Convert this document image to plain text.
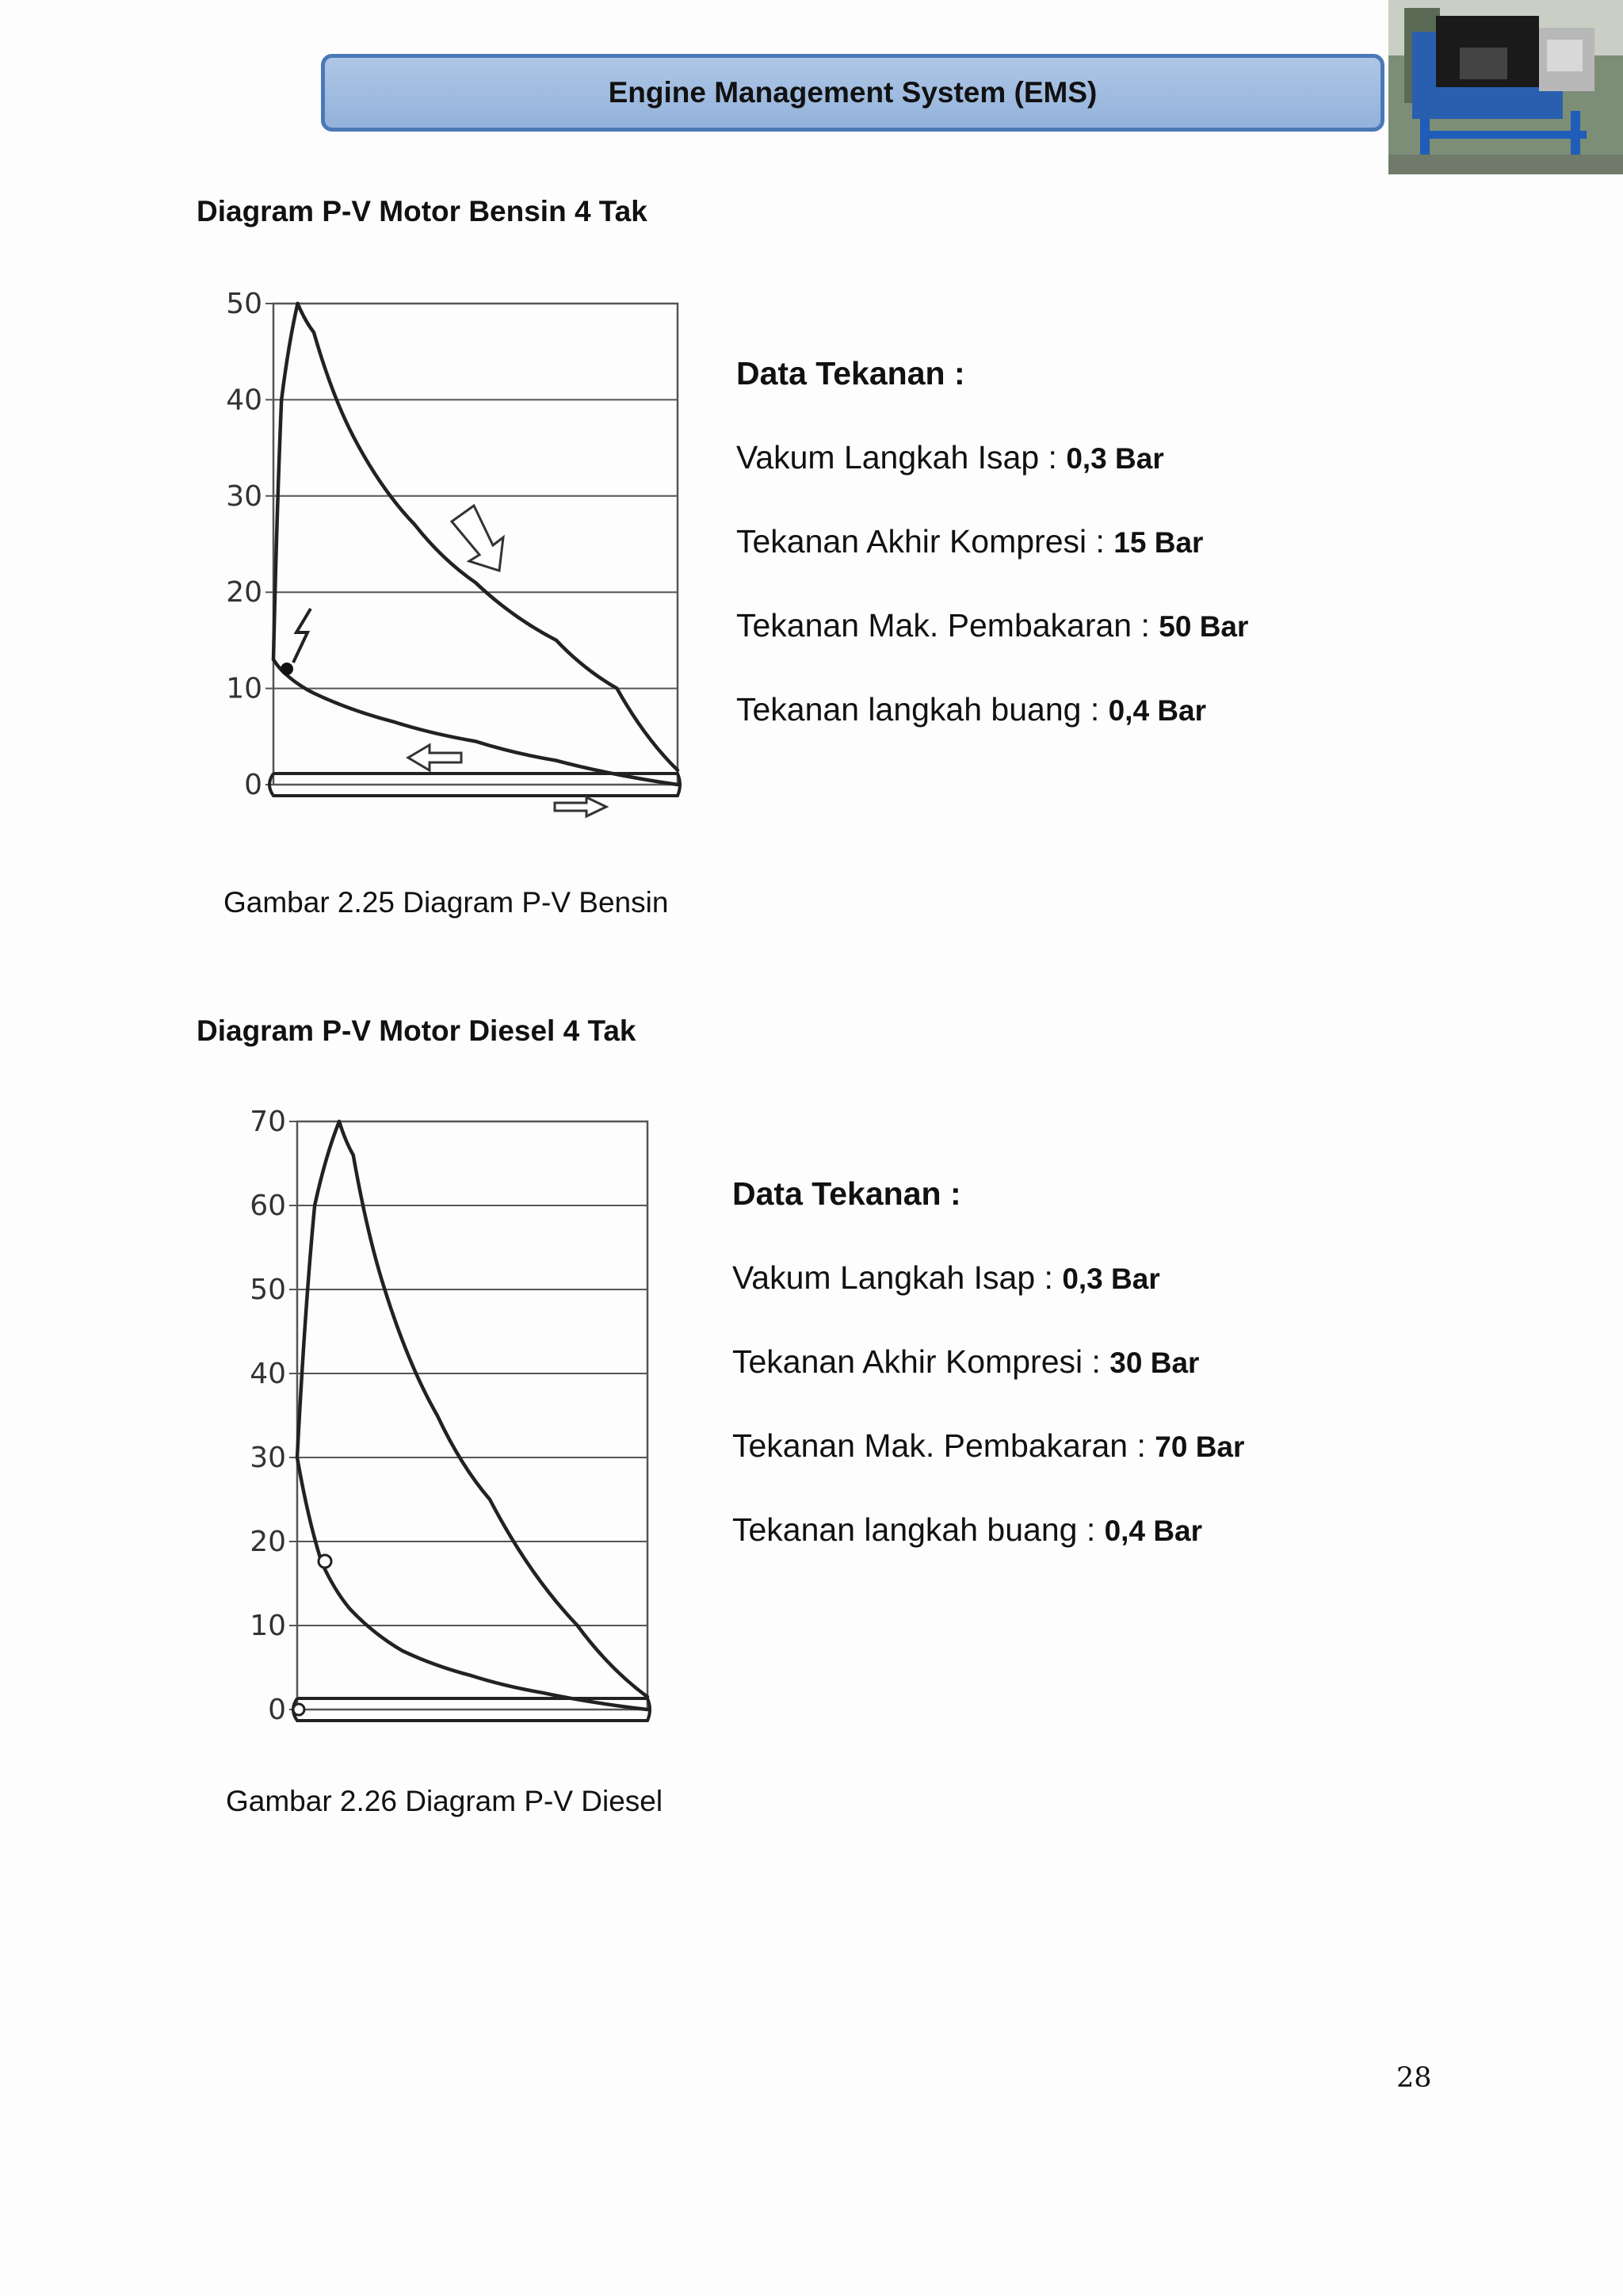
Engine Management System (EMS)
Diagram P-V Motor Bensin 4 Tak
0
10
20
30
40
50
Data Tekanan :
Vakum Langkah Isap : 0,3 Bar
Tekanan Akhir Kompresi : 15 Bar
Tekanan Mak. Pembakaran : 50 Bar
Tekanan langkah buang : 0,4 Bar
Gambar 2.25 Diagram P-V Bensin
Diagram P-V Motor Diesel 4 Tak
0
10
20
30
40
50
60
70
Data Tekanan :
Vakum Langkah Isap : 0,3 Bar
Tekanan Akhir Kompresi : 30 Bar
Tekanan Mak. Pembakaran : 70 Bar
Tekanan langkah buang : 0,4 Bar
Gambar 2.26 Diagram P-V Diesel
28
